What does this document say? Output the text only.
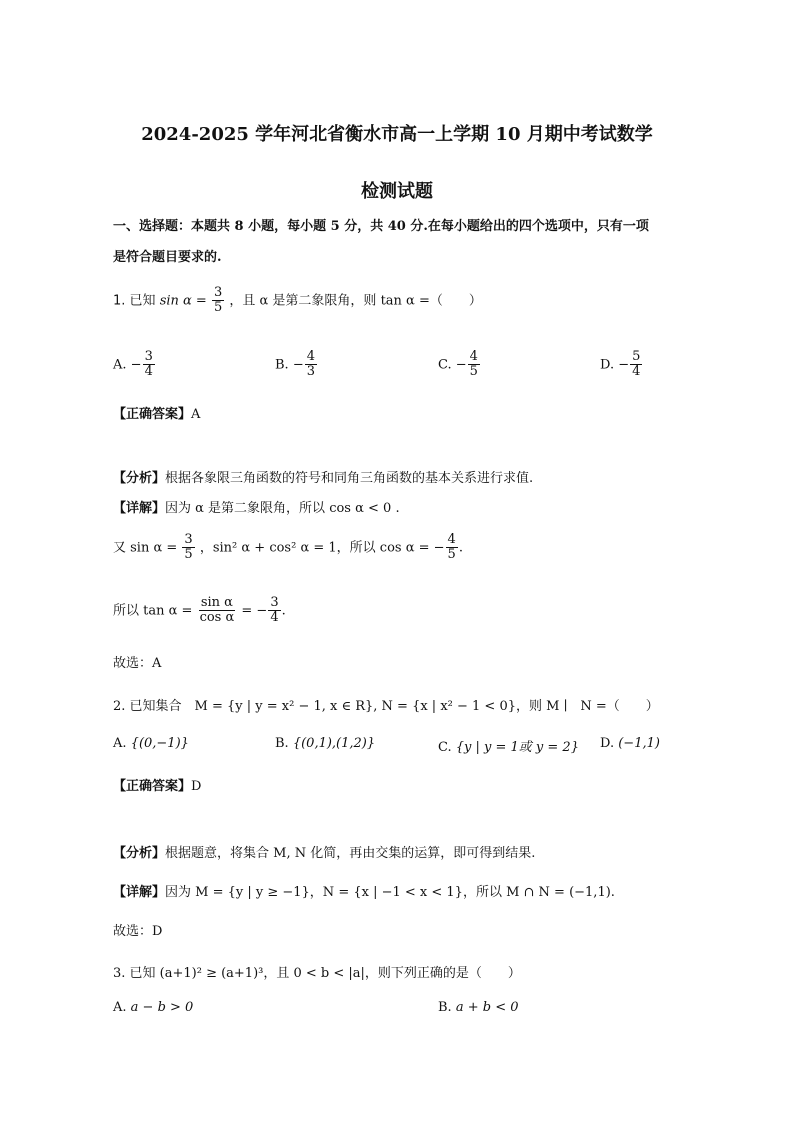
2024-2025 学年河北省衡水市高一上学期 10 月期中考试数学
检测试题
一、选择题：本题共 8 小题，每小题 5 分，共 40 分.在每小题给出的四个选项中，只有一项
是符合题目要求的.
1. 已知 $\sin \alpha = \frac{3}{5}$ ，且 α 是第二象限角，则 tan α =（　　）
A. − $\frac{3}{4}$	B. − $\frac{4}{3}$	C. − $\frac{4}{5}$	D. − $\frac{5}{4}$
【正确答案】A
【分析】根据各象限三角函数的符号和同角三角函数的基本关系进行求值.
【详解】因为 α 是第二象限角，所以 cos α < 0 .
又 $\sin \alpha = \frac{3}{5}$ ，sin² α + cos² α = 1，所以 cos α = − $\frac{4}{5}$ .
所以 $\tan \alpha = \frac{\text{sin α}}{\text{cos α}}$ = − $\frac{3}{4}$ .
故选：A
2. 已知集合　M = {y | y = x² − 1, x ∈ R}, N = {x | x² − 1 < 0}，则 M ∣　N =（　　）
A. {(0,−1)}	B. {(0,1),(1,2)}	C. {y | y = 1或 y = 2} D. (−1,1)
【正确答案】D
【分析】根据题意，将集合 M, N 化简，再由交集的运算，即可得到结果.
【详解】因为 M = {y | y ≥ −1}，N = {x | −1 < x < 1}，所以 M ∩ N = (−1,1).
故选：D
3. 已知 (a+1)² ≥ (a+1)³，且 0 < b < |a|，则下列正确的是（　　）
A. a − b > 0	B. a + b < 0
